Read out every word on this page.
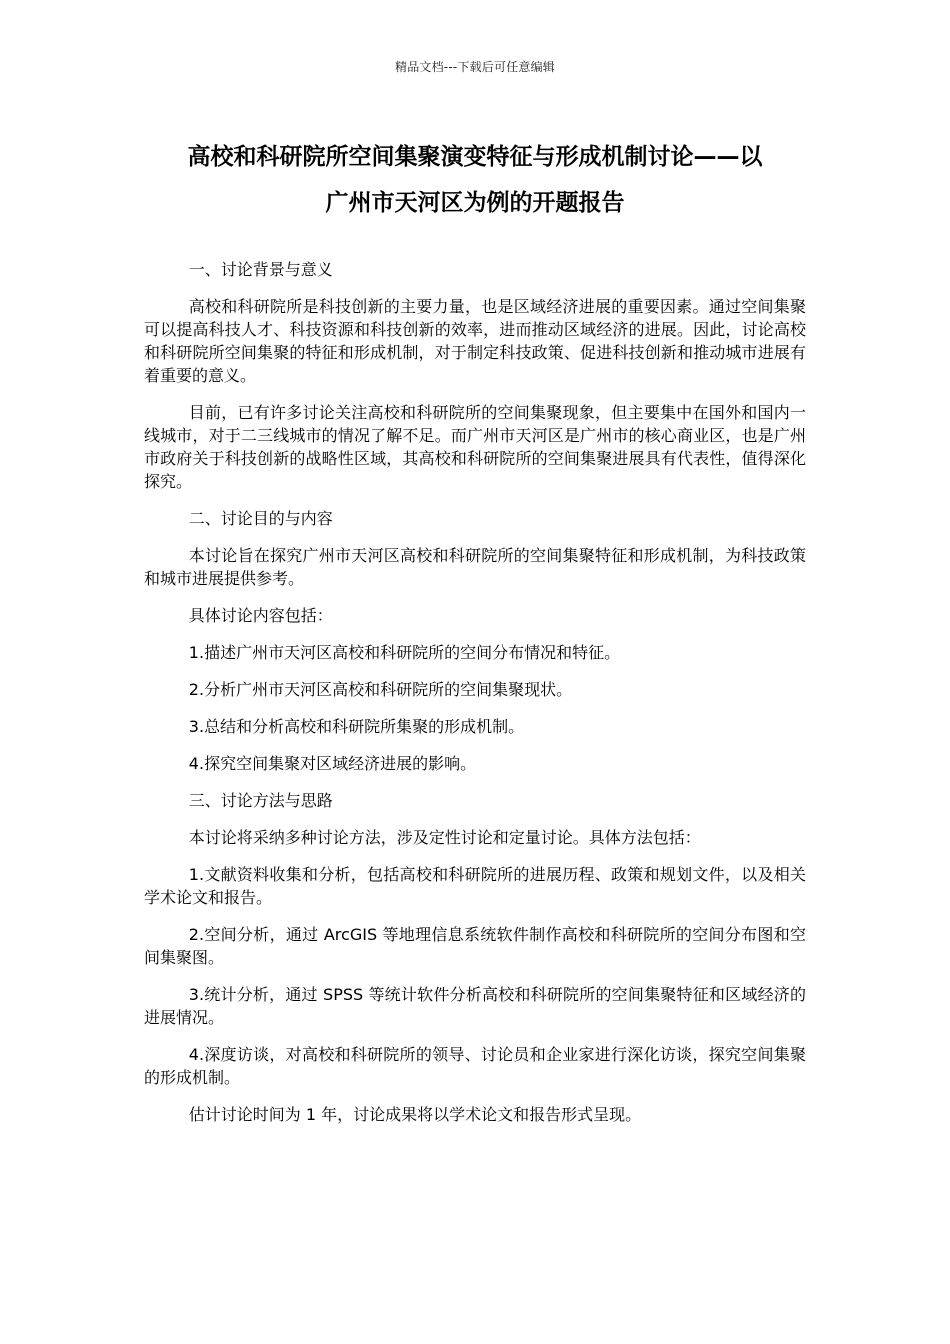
精品文档---下载后可任意编辑
高校和科研院所空间集聚演变特征与形成机制讨论——以
广州市天河区为例的开题报告

一、讨论背景与意义

高校和科研院所是科技创新的主要力量，也是区域经济进展的重要因素。通过空间集聚可以提高科技人才、科技资源和科技创新的效率，进而推动区域经济的进展。因此，讨论高校和科研院所空间集聚的特征和形成机制，对于制定科技政策、促进科技创新和推动城市进展有着重要的意义。

目前，已有许多讨论关注高校和科研院所的空间集聚现象，但主要集中在国外和国内一线城市，对于二三线城市的情况了解不足。而广州市天河区是广州市的核心商业区，也是广州市政府关于科技创新的战略性区域，其高校和科研院所的空间集聚进展具有代表性，值得深化探究。

二、讨论目的与内容

本讨论旨在探究广州市天河区高校和科研院所的空间集聚特征和形成机制，为科技政策和城市进展提供参考。

具体讨论内容包括：

1.描述广州市天河区高校和科研院所的空间分布情况和特征。

2.分析广州市天河区高校和科研院所的空间集聚现状。

3.总结和分析高校和科研院所集聚的形成机制。

4.探究空间集聚对区域经济进展的影响。

三、讨论方法与思路

本讨论将采纳多种讨论方法，涉及定性讨论和定量讨论。具体方法包括：

1.文献资料收集和分析，包括高校和科研院所的进展历程、政策和规划文件，以及相关学术论文和报告。

2.空间分析，通过 ArcGIS 等地理信息系统软件制作高校和科研院所的空间分布图和空间集聚图。

3.统计分析，通过 SPSS 等统计软件分析高校和科研院所的空间集聚特征和区域经济的进展情况。

4.深度访谈，对高校和科研院所的领导、讨论员和企业家进行深化访谈，探究空间集聚的形成机制。

估计讨论时间为 1 年，讨论成果将以学术论文和报告形式呈现。
